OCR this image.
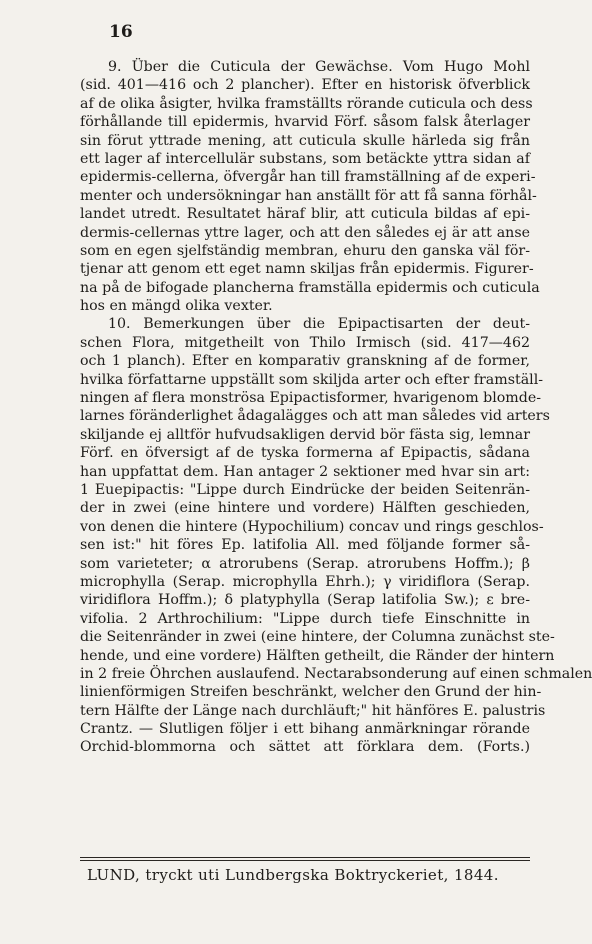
16

9. Über die Cuticula der Gewächse. Vom Hugo Mohl
(sid. 401—416 och 2 plancher). Efter en historisk öfverblick
af de olika åsigter, hvilka framställts rörande cuticula och dess
förhållande till epidermis, hvarvid Förf. såsom falsk återlager
sin förut yttrade mening, att cuticula skulle härleda sig från
ett lager af intercellulär substans, som betäckte yttra sidan af
epidermis-cellerna, öfvergår han till framställning af de experi-
menter och undersökningar han anställt för att få sanna förhål-
landet utredt. Resultatet häraf blir, att cuticula bildas af epi-
dermis-cellernas yttre lager, och att den således ej är att anse
som en egen sjelfständig membran, ehuru den ganska väl för-
tjenar att genom ett eget namn skiljas från epidermis. Figurer-
na på de bifogade plancherna framställa epidermis och cuticula
hos en mängd olika vexter.
10. Bemerkungen über die Epipactisarten der deut-
schen Flora, mitgetheilt von Thilo Irmisch (sid. 417—462
och 1 planch). Efter en komparativ granskning af de former,
hvilka författarne uppställt som skiljda arter och efter framställ-
ningen af flera monströsa Epipactisformer, hvarigenom blomde-
larnes föränderlighet ådagalägges och att man således vid arters
skiljande ej alltför hufvudsakligen dervid bör fästa sig, lemnar
Förf. en öfversigt af de tyska formerna af Epipactis, sådana
han uppfattat dem. Han antager 2 sektioner med hvar sin art:
1 Euepipactis: "Lippe durch Eindrücke der beiden Seitenrän-
der in zwei (eine hintere und vordere) Hälften geschieden,
von denen die hintere (Hypochilium) concav und rings geschlos-
sen ist:" hit föres Ep. latifolia All. med följande former så-
som varieteter; α atrorubens (Serap. atrorubens Hoffm.); β
microphylla (Serap. microphylla Ehrh.); γ viridiflora (Serap.
viridiflora Hoffm.); δ platyphylla (Serap latifolia Sw.); ε bre-
vifolia. 2 Arthrochilium: "Lippe durch tiefe Einschnitte in
die Seitenränder in zwei (eine hintere, der Columna zunächst ste-
hende, und eine vordere) Hälften getheilt, die Ränder der hintern
in 2 freie Öhrchen auslaufend. Nectarabsonderung auf einen schmalen
linienförmigen Streifen beschränkt, welcher den Grund der hin-
tern Hälfte der Länge nach durchläuft;" hit hänföres E. palustris
Crantz. — Slutligen följer i ett bihang anmärkningar rörande
Orchid-blommorna och sättet att förklara dem. (Forts.)

LUND, tryckt uti Lundbergska Boktryckeriet, 1844.
